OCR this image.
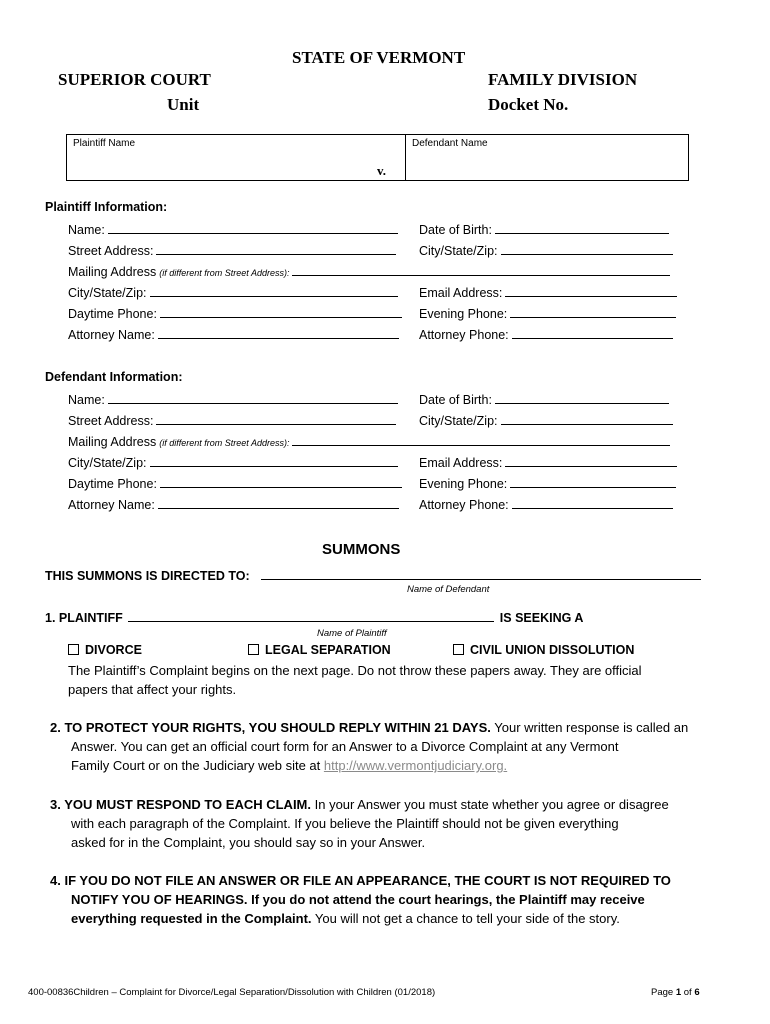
STATE OF VERMONT
SUPERIOR COURT
Unit
FAMILY DIVISION
Docket No.
Plaintiff Name	Defendant Name
v.
Plaintiff Information:
Name:	Date of Birth:
Street Address:	City/State/Zip:
Mailing Address (if different from Street Address):
City/State/Zip:	Email Address:
Daytime Phone:	Evening Phone:
Attorney Name:	Attorney Phone:
Defendant Information:
Name:	Date of Birth:
Street Address:	City/State/Zip:
Mailing Address (if different from Street Address):
City/State/Zip:	Email Address:
Daytime Phone:	Evening Phone:
Attorney Name:	Attorney Phone:
SUMMONS
THIS SUMMONS IS DIRECTED TO:
Name of Defendant
1. PLAINTIFF	IS SEEKING A
Name of Plaintiff
DIVORCE	LEGAL SEPARATION	CIVIL UNION DISSOLUTION
The Plaintiff’s Complaint begins on the next page. Do not throw these papers away. They are official
papers that affect your rights.
2. TO PROTECT YOUR RIGHTS, YOU SHOULD REPLY WITHIN 21 DAYS. Your written response is called an
Answer. You can get an official court form for an Answer to a Divorce Complaint at any Vermont
Family Court or on the Judiciary web site at http://www.vermontjudiciary.org.
3. YOU MUST RESPOND TO EACH CLAIM. In your Answer you must state whether you agree or disagree
with each paragraph of the Complaint. If you believe the Plaintiff should not be given everything
asked for in the Complaint, you should say so in your Answer.
4. IF YOU DO NOT FILE AN ANSWER OR FILE AN APPEARANCE, THE COURT IS NOT REQUIRED TO
NOTIFY YOU OF HEARINGS. If you do not attend the court hearings, the Plaintiff may receive
everything requested in the Complaint. You will not get a chance to tell your side of the story.
400-00836Children – Complaint for Divorce/Legal Separation/Dissolution with Children (01/2018)	Page 1 of 6
